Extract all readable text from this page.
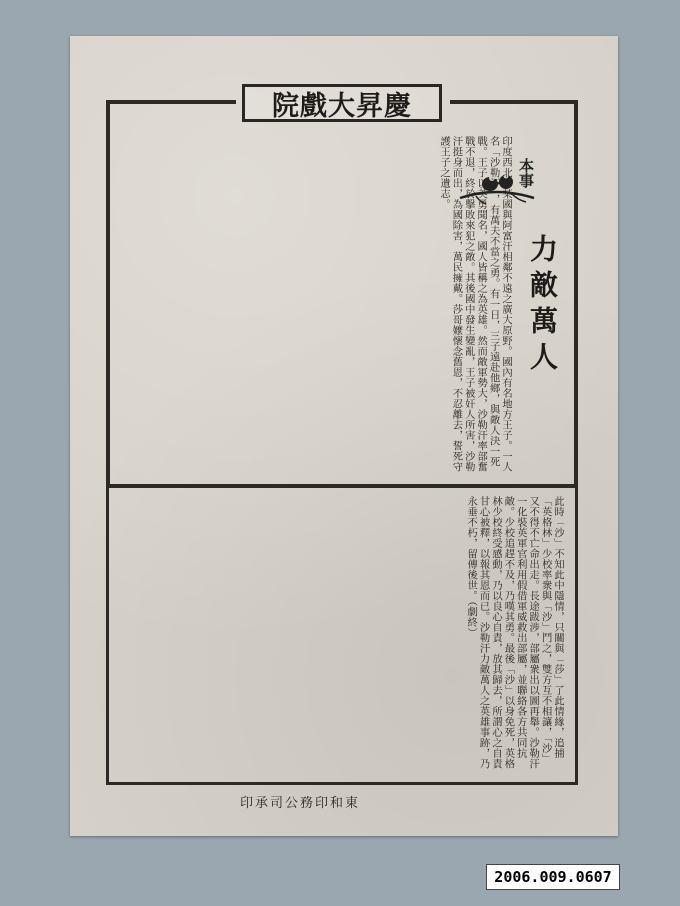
慶昇大戲院
本事
力敵萬人
印度西北部某國與阿富汗相鄰不遠之廣大原野。國內有名地方王子。一人名「沙勒汗」，有萬夫不當之勇。有一日，三子遠赴他鄉，與敵人決一死戰。王子以英勇聞名，國人皆稱之為英雄。然而敵軍勢大，沙勒汗率部奮戰不退，終於擊敗來犯之敵。其後國中發生變亂，王子被奸人所害，沙勒汗挺身而出，為國除害，萬民擁戴。莎哥嬤懷念舊恩，不忍離去，誓死守護王子之遺志。
此時「沙」不知此中隱情，只關與「莎」了此情緣，追捕「英格林」少校率衆與「沙」鬥之，雙方互不相讓，「沙」又不得不亡命出走。長途跋涉，部屬衆出以圖再舉。沙勒汗一化裝英軍官利用假借軍威救出部屬，並聯絡各方共同抗敵。少校追趕不及，乃嘆其勇。最後「沙」以身免死，英格林少校終受感動，乃以良心自責，放其歸去，所謂心之自責甘心被釋，以報其恩而已。沙勒汗力敵萬人之英雄事跡，乃永垂不朽，留傳後世。（劇終）
東和印務公司承印
2006.009.0607
